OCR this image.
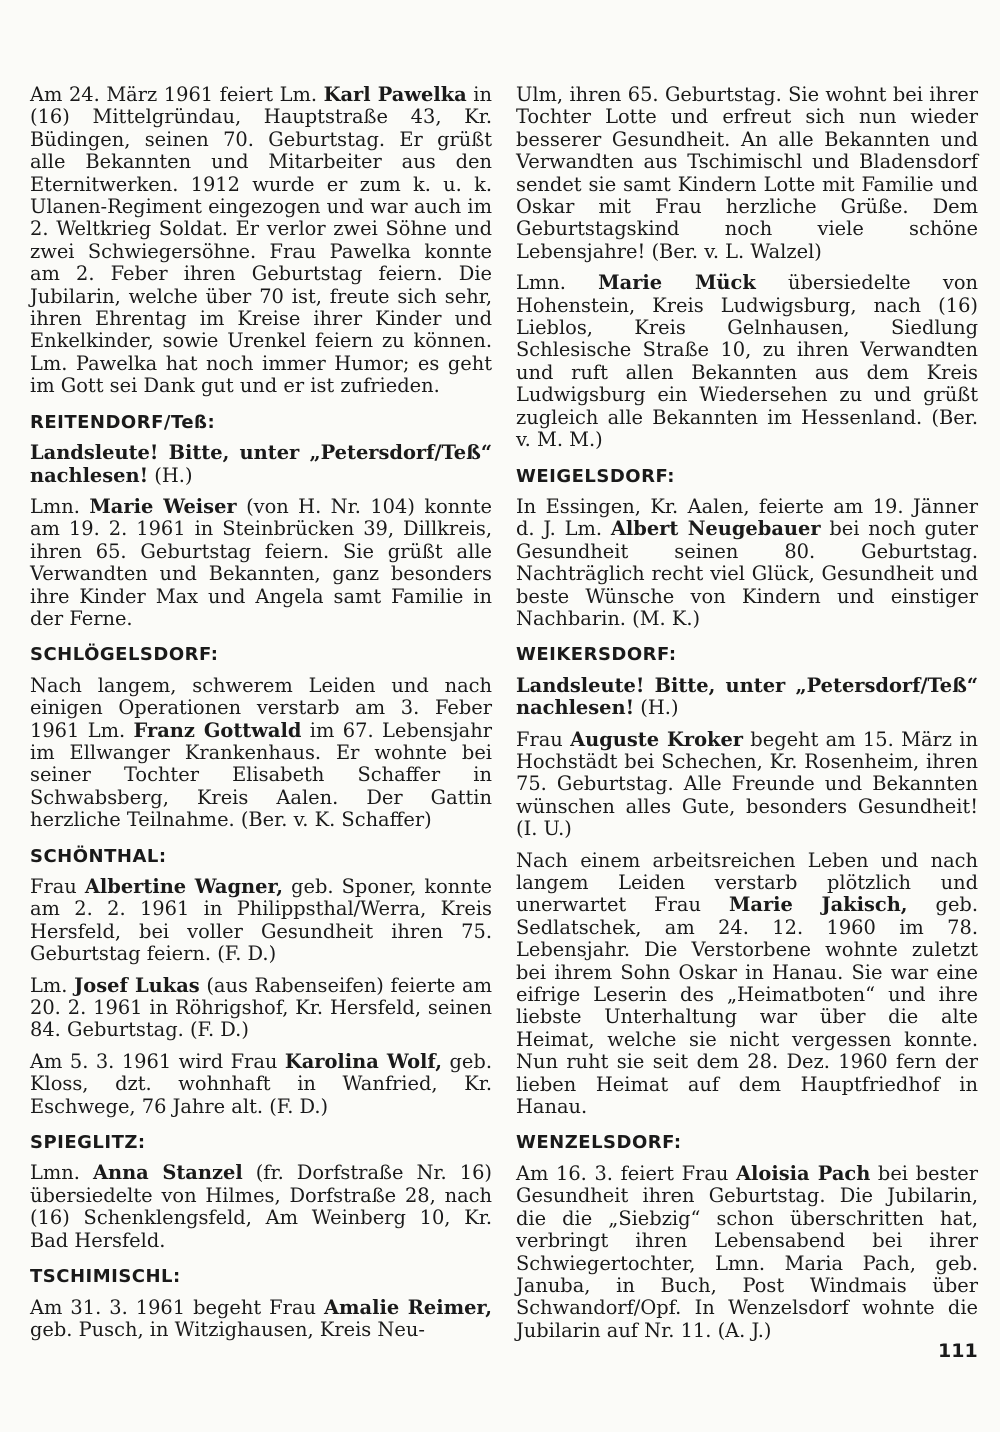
Am 24. März 1961 feiert Lm. Karl Pawelka in (16) Mittelgründau, Hauptstraße 43, Kr. Büdingen, seinen 70. Geburtstag. Er grüßt alle Bekannten und Mitarbeiter aus den Eternitwerken. 1912 wurde er zum k. u. k. Ulanen-Regiment eingezogen und war auch im 2. Weltkrieg Soldat. Er verlor zwei Söhne und zwei Schwiegersöhne. Frau Pawelka konnte am 2. Feber ihren Geburtstag feiern. Die Jubilarin, welche über 70 ist, freute sich sehr, ihren Ehrentag im Kreise ihrer Kinder und Enkelkinder, sowie Urenkel feiern zu können. Lm. Pawelka hat noch immer Humor; es geht im Gott sei Dank gut und er ist zufrieden.

REITENDORF/Teß:

Landsleute! Bitte, unter „Petersdorf/Teß“ nachlesen! (H.)

Lmn. Marie Weiser (von H. Nr. 104) konnte am 19. 2. 1961 in Steinbrücken 39, Dillkreis, ihren 65. Geburtstag feiern. Sie grüßt alle Verwandten und Bekannten, ganz besonders ihre Kinder Max und Angela samt Familie in der Ferne.

SCHLÖGELSDORF:

Nach langem, schwerem Leiden und nach einigen Operationen verstarb am 3. Feber 1961 Lm. Franz Gottwald im 67. Lebensjahr im Ellwanger Krankenhaus. Er wohnte bei seiner Tochter Elisabeth Schaffer in Schwabsberg, Kreis Aalen. Der Gattin herzliche Teilnahme. (Ber. v. K. Schaffer)

SCHÖNTHAL:

Frau Albertine Wagner, geb. Sponer, konnte am 2. 2. 1961 in Philippsthal/Werra, Kreis Hersfeld, bei voller Gesundheit ihren 75. Geburtstag feiern. (F. D.)

Lm. Josef Lukas (aus Rabenseifen) feierte am 20. 2. 1961 in Röhrigshof, Kr. Hersfeld, seinen 84. Geburtstag. (F. D.)

Am 5. 3. 1961 wird Frau Karolina Wolf, geb. Kloss, dzt. wohnhaft in Wanfried, Kr. Eschwege, 76 Jahre alt. (F. D.)

SPIEGLITZ:

Lmn. Anna Stanzel (fr. Dorfstraße Nr. 16) übersiedelte von Hilmes, Dorfstraße 28, nach (16) Schenklengsfeld, Am Weinberg 10, Kr. Bad Hersfeld.

TSCHIMISCHL:

Am 31. 3. 1961 begeht Frau Amalie Reimer, geb. Pusch, in Witzighausen, Kreis Neu-

Ulm, ihren 65. Geburtstag. Sie wohnt bei ihrer Tochter Lotte und erfreut sich nun wieder besserer Gesundheit. An alle Bekannten und Verwandten aus Tschimischl und Bladensdorf sendet sie samt Kindern Lotte mit Familie und Oskar mit Frau herzliche Grüße. Dem Geburtstagskind noch viele schöne Lebensjahre! (Ber. v. L. Walzel)

Lmn. Marie Mück übersiedelte von Hohenstein, Kreis Ludwigsburg, nach (16) Lieblos, Kreis Gelnhausen, Siedlung Schlesische Straße 10, zu ihren Verwandten und ruft allen Bekannten aus dem Kreis Ludwigsburg ein Wiedersehen zu und grüßt zugleich alle Bekannten im Hessenland. (Ber. v. M. M.)

WEIGELSDORF:

In Essingen, Kr. Aalen, feierte am 19. Jänner d. J. Lm. Albert Neugebauer bei noch guter Gesundheit seinen 80. Geburtstag. Nachträglich recht viel Glück, Gesundheit und beste Wünsche von Kindern und einstiger Nachbarin. (M. K.)

WEIKERSDORF:

Landsleute! Bitte, unter „Petersdorf/Teß“ nachlesen! (H.)

Frau Auguste Kroker begeht am 15. März in Hochstädt bei Schechen, Kr. Rosenheim, ihren 75. Geburtstag. Alle Freunde und Bekannten wünschen alles Gute, besonders Gesundheit! (I. U.)

Nach einem arbeitsreichen Leben und nach langem Leiden verstarb plötzlich und unerwartet Frau Marie Jakisch, geb. Sedlatschek, am 24. 12. 1960 im 78. Lebensjahr. Die Verstorbene wohnte zuletzt bei ihrem Sohn Oskar in Hanau. Sie war eine eifrige Leserin des „Heimatboten“ und ihre liebste Unterhaltung war über die alte Heimat, welche sie nicht vergessen konnte. Nun ruht sie seit dem 28. Dez. 1960 fern der lieben Heimat auf dem Hauptfriedhof in Hanau.

WENZELSDORF:

Am 16. 3. feiert Frau Aloisia Pach bei bester Gesundheit ihren Geburtstag. Die Jubilarin, die die „Siebzig“ schon überschritten hat, verbringt ihren Lebensabend bei ihrer Schwiegertochter, Lmn. Maria Pach, geb. Januba, in Buch, Post Windmais über Schwandorf/Opf. In Wenzelsdorf wohnte die Jubilarin auf Nr. 11. (A. J.)

111
